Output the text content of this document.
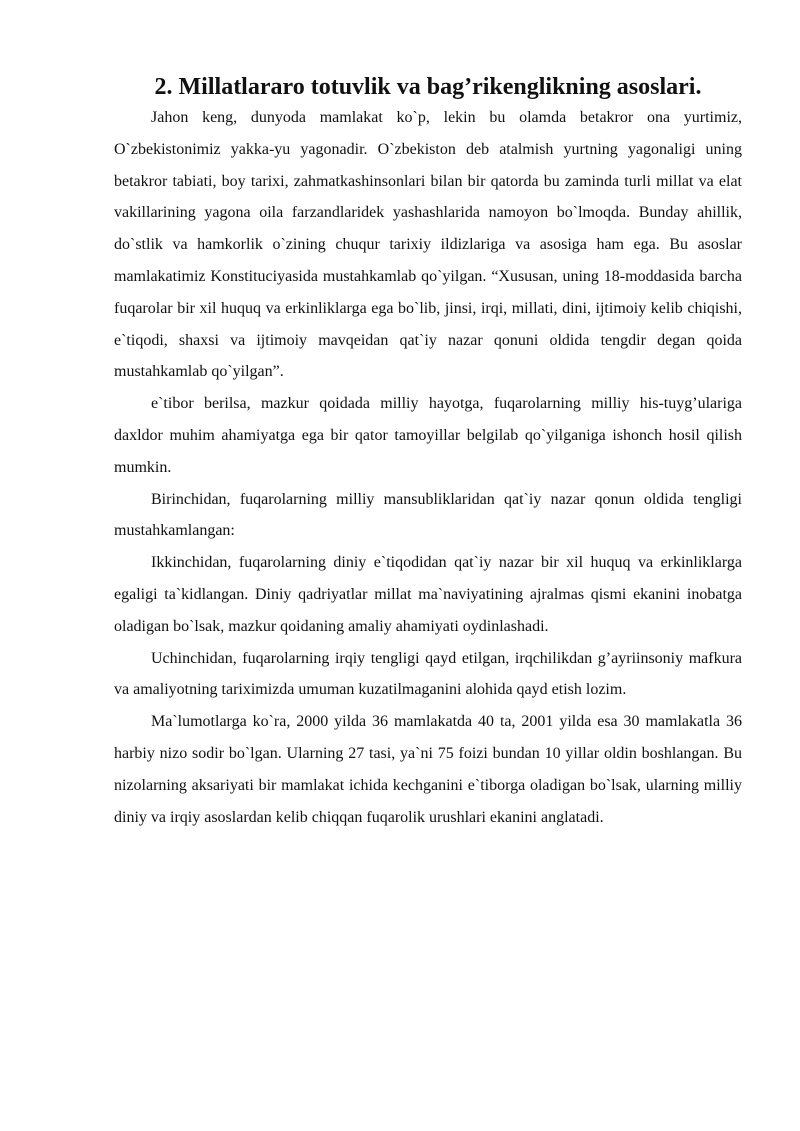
2. Millatlararo totuvlik va bag’rikenglikning asoslari.

Jahon keng, dunyoda mamlakat ko`p, lekin bu olamda betakror ona yurtimiz, O`zbekistonimiz yakka-yu yagonadir. O`zbekiston deb atalmish yurtning yagonaligi uning betakror tabiati, boy tarixi, zahmatkashinsonlari bilan bir qatorda bu zaminda turli millat va elat vakillarining yagona oila farzandlaridek yashashlarida namoyon bo`lmoqda. Bunday ahillik, do`stlik va hamkorlik o`zining chuqur tarixiy ildizlariga va asosiga ham ega. Bu asoslar mamlakatimiz Konstituciyasida mustahkamlab qo`yilgan. “Xususan, uning 18-moddasida barcha fuqarolar bir xil huquq va erkinliklarga ega bo`lib, jinsi, irqi, millati, dini, ijtimoiy kelib chiqishi, e`tiqodi, shaxsi va ijtimoiy mavqeidan qat`iy nazar qonuni oldida tengdir degan qoida mustahkamlab qo`yilgan”.

e`tibor berilsa, mazkur qoidada milliy hayotga, fuqarolarning milliy his-tuyg’ulariga daxldor muhim ahamiyatga ega bir qator tamoyillar belgilab qo`yilganiga ishonch hosil qilish mumkin.

Birinchidan, fuqarolarning milliy mansubliklaridan qat`iy nazar qonun oldida tengligi mustahkamlangan:

Ikkinchidan, fuqarolarning diniy e`tiqodidan qat`iy nazar bir xil huquq va erkinliklarga egaligi ta`kidlangan. Diniy qadriyatlar millat ma`naviyatining ajralmas qismi ekanini inobatga oladigan bo`lsak, mazkur qoidaning amaliy ahamiyati oydinlashadi.

Uchinchidan, fuqarolarning irqiy tengligi qayd etilgan, irqchilikdan g’ayriinsoniy mafkura va amaliyotning tariximizda umuman kuzatilmaganini alohida qayd etish lozim.

Ma`lumotlarga ko`ra, 2000 yilda 36 mamlakatda 40 ta, 2001 yilda esa 30 mamlakatla 36 harbiy nizo sodir bo`lgan. Ularning 27 tasi, ya`ni 75 foizi bundan 10 yillar oldin boshlangan. Bu nizolarning aksariyati bir mamlakat ichida kechganini e`tiborga oladigan bo`lsak, ularning milliy diniy va irqiy asoslardan kelib chiqqan fuqarolik urushlari ekanini anglatadi.
